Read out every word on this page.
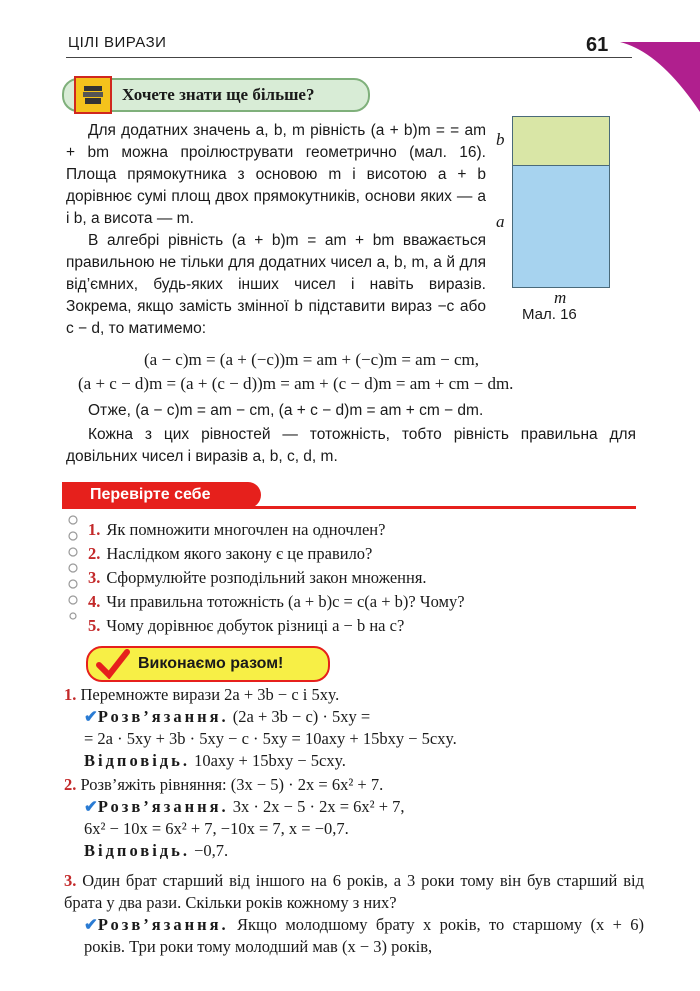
ЦІЛІ ВИРАЗИ	61
Хочете знати ще більше?

Для додатних значень a, b, m рівність (a + b)m = = am + bm можна проілюструвати геометрично (мал. 16). Площа прямокутника з основою m і висотою a + b дорівнює сумі площ двох прямокутників, основи яких — a і b, а висота — m.

В алгебрі рівність (a + b)m = am + bm вважається правильною не тільки для додатних чисел a, b, m, а й для від’ємних, будь-яких інших чисел і навіть виразів. Зокрема, якщо замість змінної b підставити вираз −c або c − d, то матимемо:

b
a
m
Мал. 16
(a − c)m = (a + (−c))m = am + (−c)m = am − cm,
(a + c − d)m = (a + (c − d))m = am + (c − d)m = am + cm − dm.
Отже, (a − c)m = am − cm, (a + c − d)m = am + cm − dm.
Кожна з цих рівностей — тотожність, тобто рівність правильна для довільних чисел і виразів a, b, c, d, m.
Перевірте себе
1. Як помножити многочлен на одночлен?
2. Наслідком якого закону є це правило?
3. Сформулюйте розподільний закон множення.
4. Чи правильна тотожність (a + b)c = c(a + b)? Чому?
5. Чому дорівнює добуток різниці a − b на c?
Виконаємо разом!
1. Перемножте вирази 2a + 3b − c і 5xy.
✔Розв’язання. (2a + 3b − c) · 5xy =
= 2a · 5xy + 3b · 5xy − c · 5xy = 10axy + 15bxy − 5cxy.
Відповідь. 10axy + 15bxy − 5cxy.
2. Розв’яжіть рівняння: (3x − 5) · 2x = 6x² + 7.
✔Розв’язання. 3x · 2x − 5 · 2x = 6x² + 7,
6x² − 10x = 6x² + 7, −10x = 7, x = −0,7.
Відповідь. −0,7.
3. Один брат старший від іншого на 6 років, а 3 роки тому він був старший від брата у два рази. Скільки років кожному з них?
✔Розв’язання. Якщо молодшому брату x років, то старшому (x + 6) років. Три роки тому молодший мав (x − 3) років,
